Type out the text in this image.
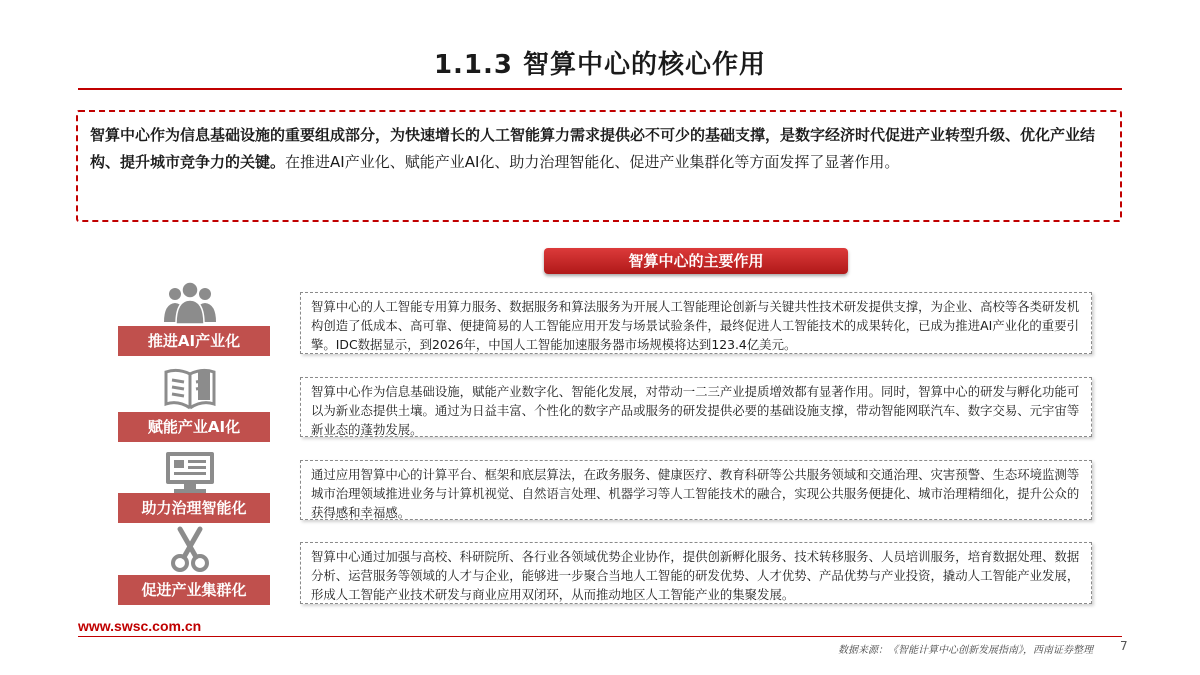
1.1.3 智算中心的核心作用
智算中心作为信息基础设施的重要组成部分，为快速增长的人工智能算力需求提供必不可少的基础支撑，是数字经济时代促进产业转型升级、优化产业结构、提升城市竞争力的关键。在推进AI产业化、赋能产业AI化、助力治理智能化、促进产业集群化等方面发挥了显著作用。
智算中心的主要作用
推进AI产业化
智算中心的人工智能专用算力服务、数据服务和算法服务为开展人工智能理论创新与关键共性技术研发提供支撑，为企业、高校等各类研发机构创造了低成本、高可靠、便捷简易的人工智能应用开发与场景试验条件，最终促进人工智能技术的成果转化，已成为推进AI产业化的重要引擎。IDC数据显示，到2026年，中国人工智能加速服务器市场规模将达到123.4亿美元。
赋能产业AI化
智算中心作为信息基础设施，赋能产业数字化、智能化发展，对带动一二三产业提质增效都有显著作用。同时，智算中心的研发与孵化功能可以为新业态提供土壤。通过为日益丰富、个性化的数字产品或服务的研发提供必要的基础设施支撑，带动智能网联汽车、数字交易、元宇宙等新业态的蓬勃发展。
助力治理智能化
通过应用智算中心的计算平台、框架和底层算法，在政务服务、健康医疗、教育科研等公共服务领域和交通治理、灾害预警、生态环境监测等城市治理领域推进业务与计算机视觉、自然语言处理、机器学习等人工智能技术的融合，实现公共服务便捷化、城市治理精细化，提升公众的获得感和幸福感。
促进产业集群化
智算中心通过加强与高校、科研院所、各行业各领域优势企业协作，提供创新孵化服务、技术转移服务、人员培训服务，培育数据处理、数据分析、运营服务等领域的人才与企业，能够进一步聚合当地人工智能的研发优势、人才优势、产品优势与产业投资，撬动人工智能产业发展，形成人工智能产业技术研发与商业应用双闭环，从而推动地区人工智能产业的集聚发展。
www.swsc.com.cn
数据来源：《智能计算中心创新发展指南》，西南证券整理 7
